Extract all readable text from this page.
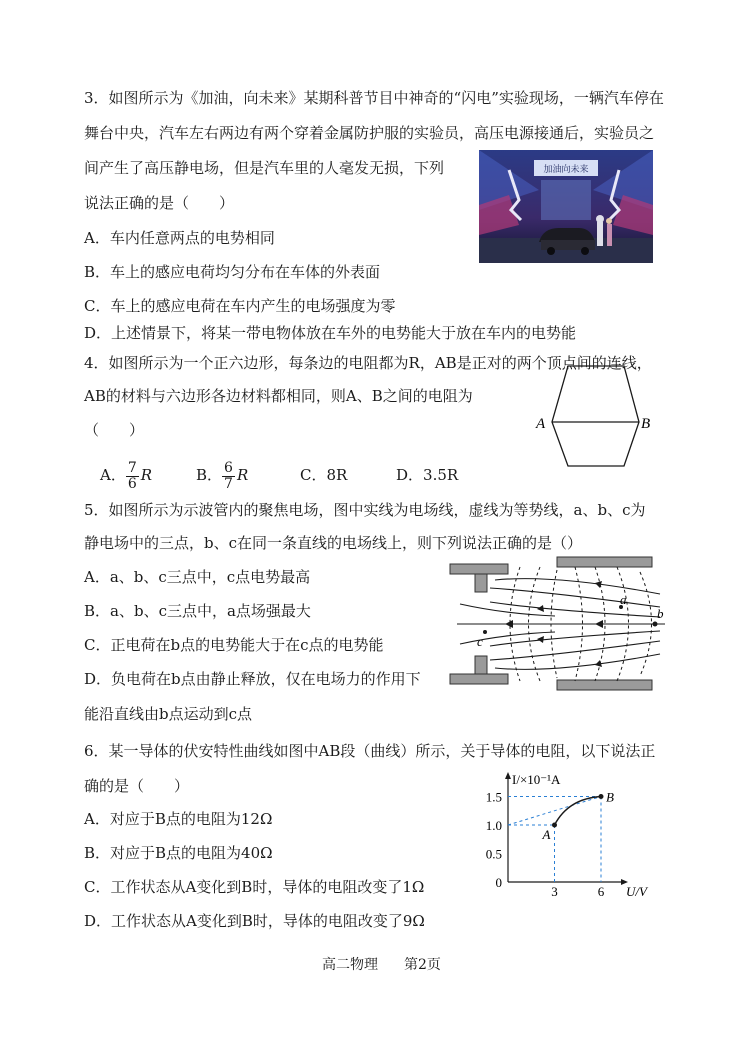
3．如图所示为《加油，向未来》某期科普节目中神奇的“闪电”实验现场，一辆汽车停在
舞台中央，汽车左右两边有两个穿着金属防护服的实验员，高压电源接通后，实验员之
间产生了高压静电场，但是汽车里的人毫发无损，下列
说法正确的是（　　）
加油向未来
A．车内任意两点的电势相同
B．车上的感应电荷均匀分布在车体的外表面
C．车上的感应电荷在车内产生的电场强度为零
D．上述情景下，将某一带电物体放在车外的电势能大于放在车内的电势能
4．如图所示为一个正六边形，每条边的电阻都为R，AB是正对的两个顶点间的连线，
AB的材料与六边形各边材料都相同，则A、B之间的电阻为
（　　）
A． $\frac{7}{6}$ R	B． $\frac{6}{7}$ R	C．8R	D．3.5R
A	B
5．如图所示为示波管内的聚焦电场，图中实线为电场线，虚线为等势线，a、b、c为
静电场中的三点，b、c在同一条直线的电场线上，则下列说法正确的是（）
A．a、b、c三点中，c点电势最高
B．a、b、c三点中，a点场强最大
C．正电荷在b点的电势能大于在c点的电势能
D．负电荷在b点由静止释放，仅在电场力的作用下
能沿直线由b点运动到c点
a
b
c
6．某一导体的伏安特性曲线如图中AB段（曲线）所示，关于导体的电阻，以下说法正
确的是（　　）
A．对应于B点的电阻为12Ω
B．对应于B点的电阻为40Ω
C．工作状态从A变化到B时，导体的电阻改变了1Ω
D．工作状态从A变化到B时，导体的电阻改变了9Ω
I/×10⁻¹A
U/V
1.5
1.0
0.5
0
3	6
A
B
高二物理 第2页
